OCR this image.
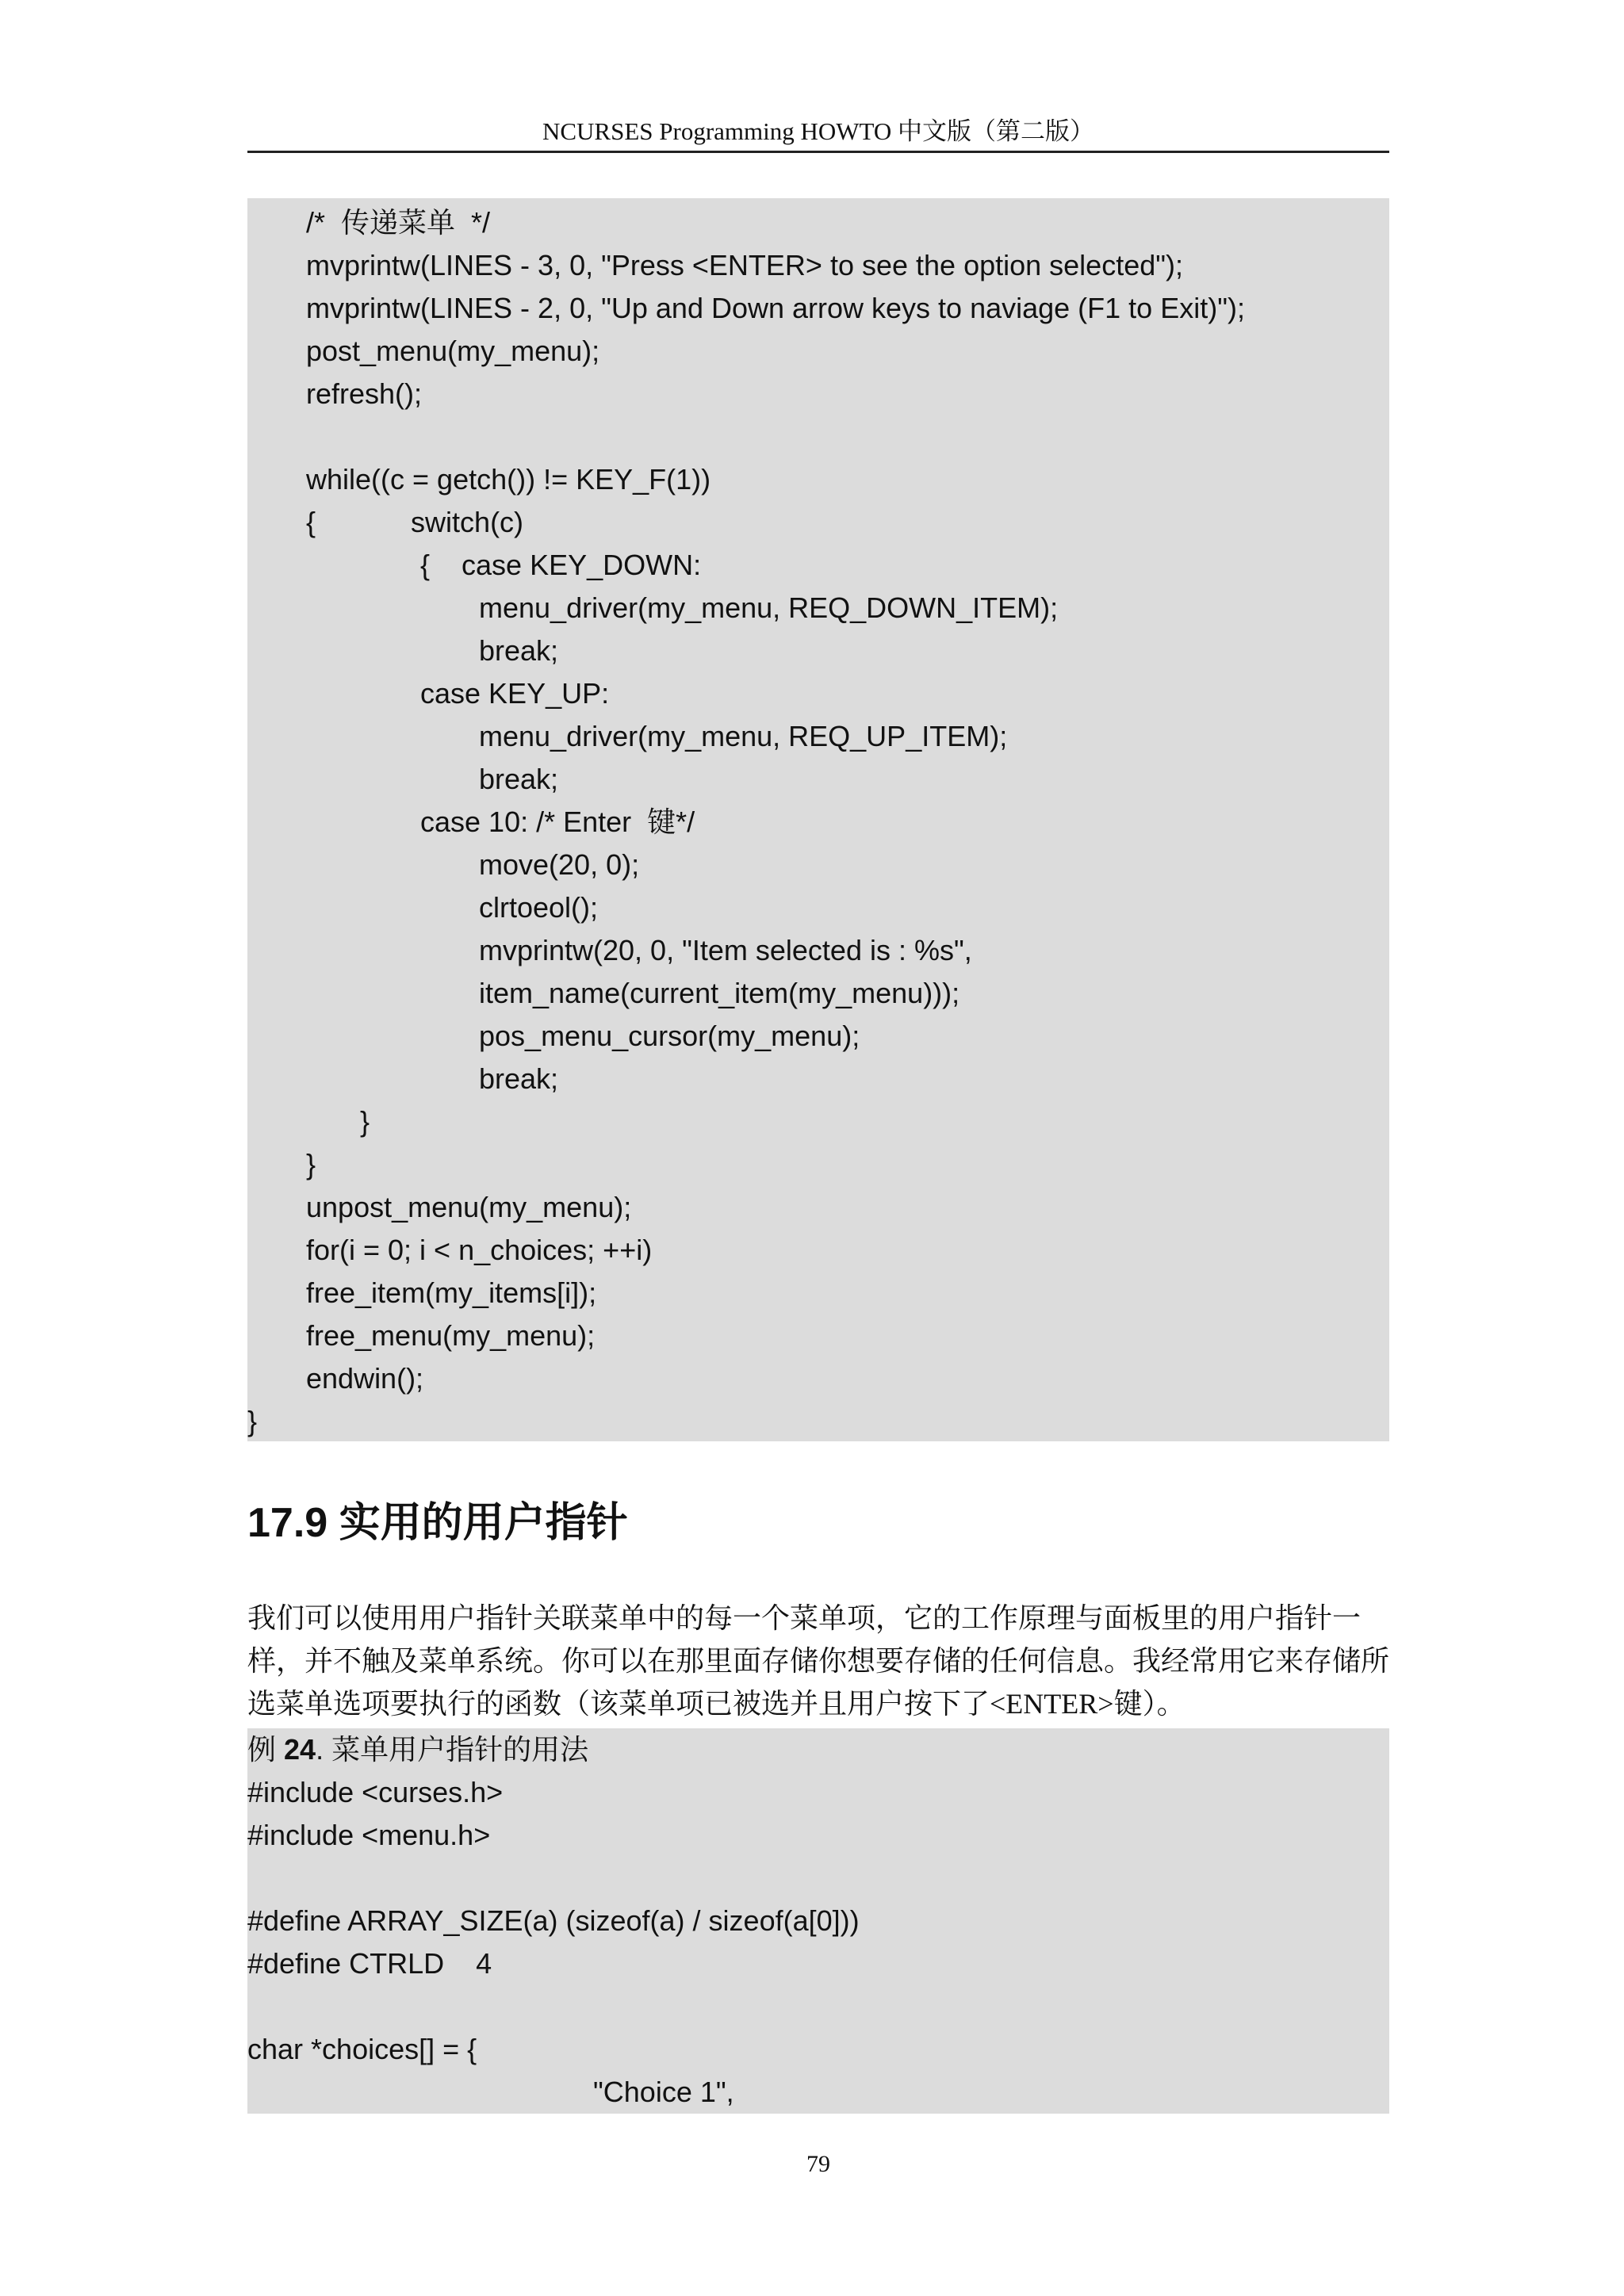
NCURSES Programming HOWTO 中文版（第二版）
/*  传递菜单  */
mvprintw(LINES - 3, 0, "Press <ENTER> to see the option selected");
mvprintw(LINES - 2, 0, "Up and Down arrow keys to naviage (F1 to Exit)");
post_menu(my_menu);
refresh();
while((c = getch()) != KEY_F(1))
{            switch(c)
{    case KEY_DOWN:
menu_driver(my_menu, REQ_DOWN_ITEM);
break;
case KEY_UP:
menu_driver(my_menu, REQ_UP_ITEM);
break;
case 10: /* Enter  键*/
move(20, 0);
clrtoeol();
mvprintw(20, 0, "Item selected is : %s",
item_name(current_item(my_menu)));
pos_menu_cursor(my_menu);
break;
}
}
unpost_menu(my_menu);
for(i = 0; i < n_choices; ++i)
free_item(my_items[i]);
free_menu(my_menu);
endwin();
}
17.9 实用的用户指针

我们可以使用用户指针关联菜单中的每一个菜单项，它的工作原理与面板里的用户指针一
样，并不触及菜单系统。你可以在那里面存储你想要存储的任何信息。我经常用它来存储所
选菜单选项要执行的函数（该菜单项已被选并且用户按下了<ENTER>键）。

#include <curses.h>
#include <menu.h>
#define ARRAY_SIZE(a) (sizeof(a) / sizeof(a[0]))
#define CTRLD    4
char *choices[] = {
"Choice 1",
例 24. 菜单用户指针的用法
79
